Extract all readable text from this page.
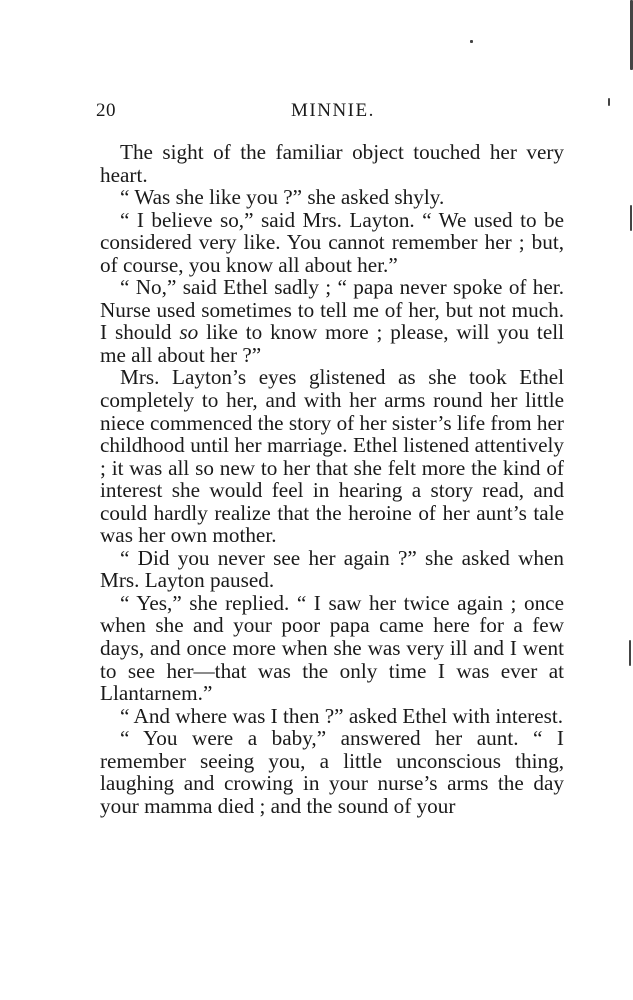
20	MINNIE.

The sight of the familiar object touched her very heart.

“ Was she like you ?” she asked shyly.

“ I believe so,” said Mrs. Layton. “ We used to be considered very like. You cannot remember her ; but, of course, you know all about her.”

“ No,” said Ethel sadly ; “ papa never spoke of her. Nurse used sometimes to tell me of her, but not much. I should so like to know more ; please, will you tell me all about her ?”

Mrs. Layton’s eyes glistened as she took Ethel completely to her, and with her arms round her little niece commenced the story of her sister’s life from her childhood until her marriage. Ethel listened attentively ; it was all so new to her that she felt more the kind of interest she would feel in hearing a story read, and could hardly realize that the heroine of her aunt’s tale was her own mother.

“ Did you never see her again ?” she asked when Mrs. Layton paused.

“ Yes,” she replied. “ I saw her twice again ; once when she and your poor papa came here for a few days, and once more when she was very ill and I went to see her—that was the only time I was ever at Llantarnem.”

“ And where was I then ?” asked Ethel with interest.

“ You were a baby,” answered her aunt. “ I remember seeing you, a little unconscious thing, laughing and crowing in your nurse’s arms the day your mamma died ; and the sound of your
